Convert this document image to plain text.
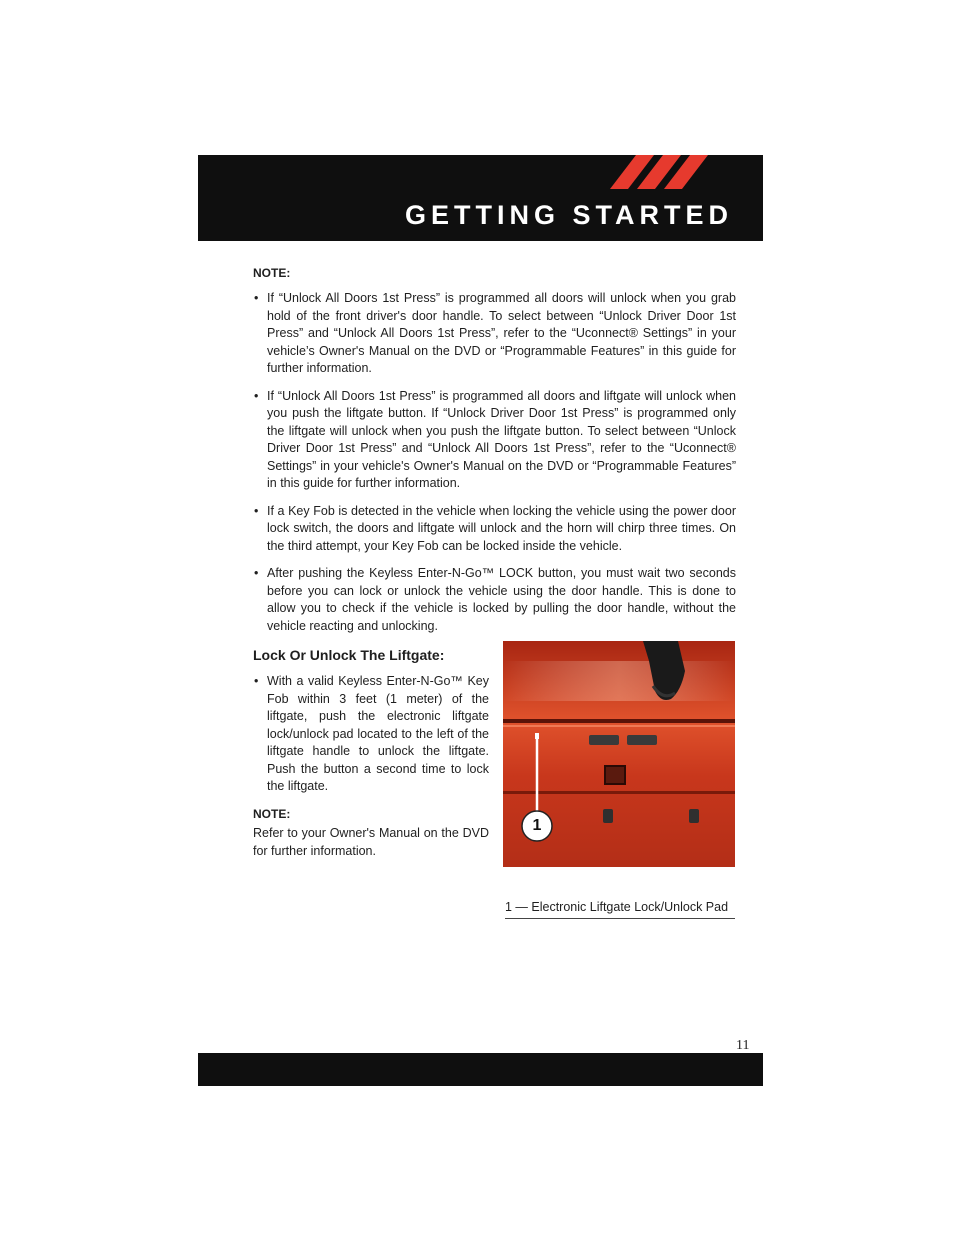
GETTING STARTED
NOTE:
• If “Unlock All Doors 1st Press” is programmed all doors will unlock when you grab hold of the front driver's door handle. To select between “Unlock Driver Door 1st Press” and “Unlock All Doors 1st Press”, refer to the “Uconnect® Settings” in your vehicle’s Owner's Manual on the DVD or “Programmable Features” in this guide for further information.
• If “Unlock All Doors 1st Press” is programmed all doors and liftgate will unlock when you push the liftgate button. If “Unlock Driver Door 1st Press” is programmed only the liftgate will unlock when you push the liftgate button. To select between “Unlock Driver Door 1st Press” and “Unlock All Doors 1st Press”, refer to the “Uconnect® Settings” in your vehicle's Owner's Manual on the DVD or “Programmable Features” in this guide for further information.
• If a Key Fob is detected in the vehicle when locking the vehicle using the power door lock switch, the doors and liftgate will unlock and the horn will chirp three times. On the third attempt, your Key Fob can be locked inside the vehicle.
• After pushing the Keyless Enter-N-Go™ LOCK button, you must wait two seconds before you can lock or unlock the vehicle using the door handle. This is done to allow you to check if the vehicle is locked by pulling the door handle, without the vehicle reacting and unlocking.
Lock Or Unlock The Liftgate:
• With a valid Keyless Enter-N-Go™ Key Fob within 3 feet (1 meter) of the liftgate, push the electronic liftgate lock/unlock pad located to the left of the liftgate handle to unlock the liftgate. Push the button a second time to lock the liftgate.
NOTE:
Refer to your Owner's Manual on the DVD for further information.
1
1 — Electronic Liftgate Lock/Unlock Pad
11
